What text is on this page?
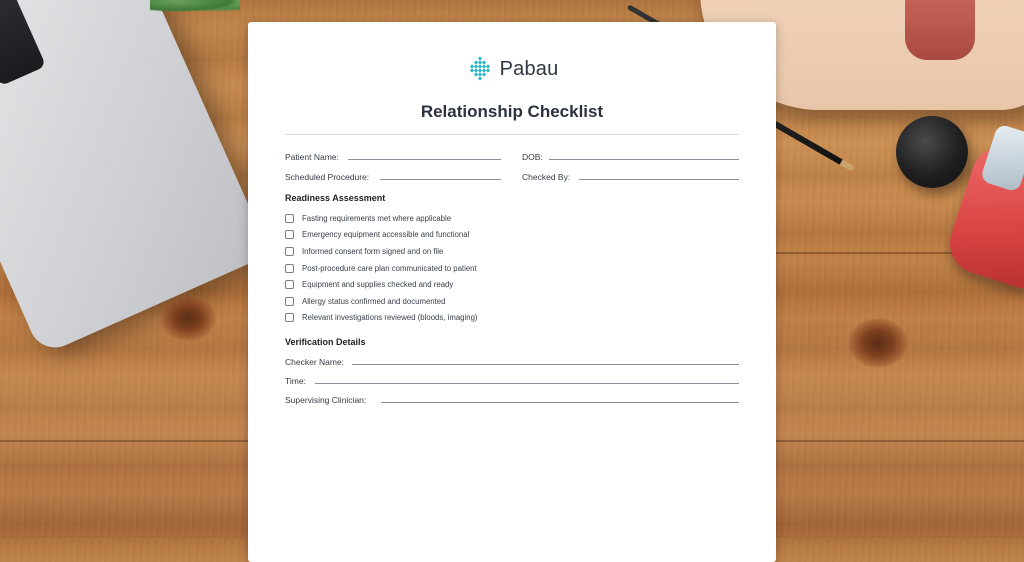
Pabau
Relationship Checklist
Patient Name:	DOB:
Scheduled Procedure:	Checked By:
Readiness Assessment
Fasting requirements met where applicable
Emergency equipment accessible and functional
Informed consent form signed and on file
Post-procedure care plan communicated to patient
Equipment and supplies checked and ready
Allergy status confirmed and documented
Relevant investigations reviewed (bloods, imaging)
Verification Details
Checker Name:
Time:
Supervising Clinician:
